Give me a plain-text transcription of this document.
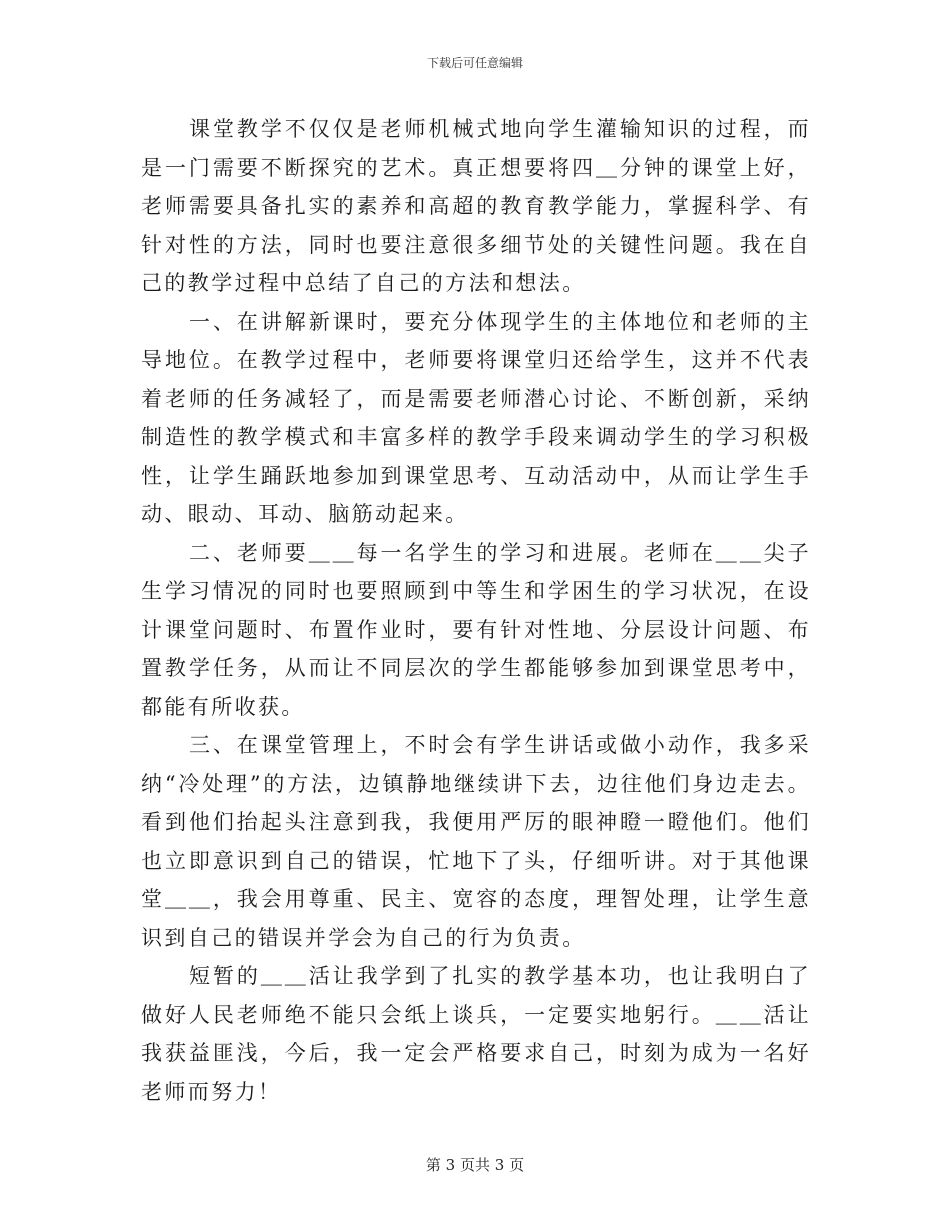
下载后可任意编辑

课堂教学不仅仅是老师机械式地向学生灌输知识的过程，而是一门需要不断探究的艺术。真正想要将四＿分钟的课堂上好，老师需要具备扎实的素养和高超的教育教学能力，掌握科学、有针对性的方法，同时也要注意很多细节处的关键性问题。我在自己的教学过程中总结了自己的方法和想法。

一、在讲解新课时，要充分体现学生的主体地位和老师的主导地位。在教学过程中，老师要将课堂归还给学生，这并不代表着老师的任务减轻了，而是需要老师潜心讨论、不断创新，采纳制造性的教学模式和丰富多样的教学手段来调动学生的学习积极性，让学生踊跃地参加到课堂思考、互动活动中，从而让学生手动、眼动、耳动、脑筋动起来。

二、老师要＿＿每一名学生的学习和进展。老师在＿＿尖子生学习情况的同时也要照顾到中等生和学困生的学习状况，在设计课堂问题时、布置作业时，要有针对性地、分层设计问题、布置教学任务，从而让不同层次的学生都能够参加到课堂思考中，都能有所收获。

三、在课堂管理上，不时会有学生讲话或做小动作，我多采纳“冷处理”的方法，边镇静地继续讲下去，边往他们身边走去。看到他们抬起头注意到我，我便用严厉的眼神瞪一瞪他们。他们也立即意识到自己的错误，忙地下了头，仔细听讲。对于其他课堂＿＿，我会用尊重、民主、宽容的态度，理智处理，让学生意识到自己的错误并学会为自己的行为负责。

短暂的＿＿活让我学到了扎实的教学基本功，也让我明白了做好人民老师绝不能只会纸上谈兵，一定要实地躬行。＿＿活让我获益匪浅，今后，我一定会严格要求自己，时刻为成为一名好老师而努力！

第 3 页共 3 页
